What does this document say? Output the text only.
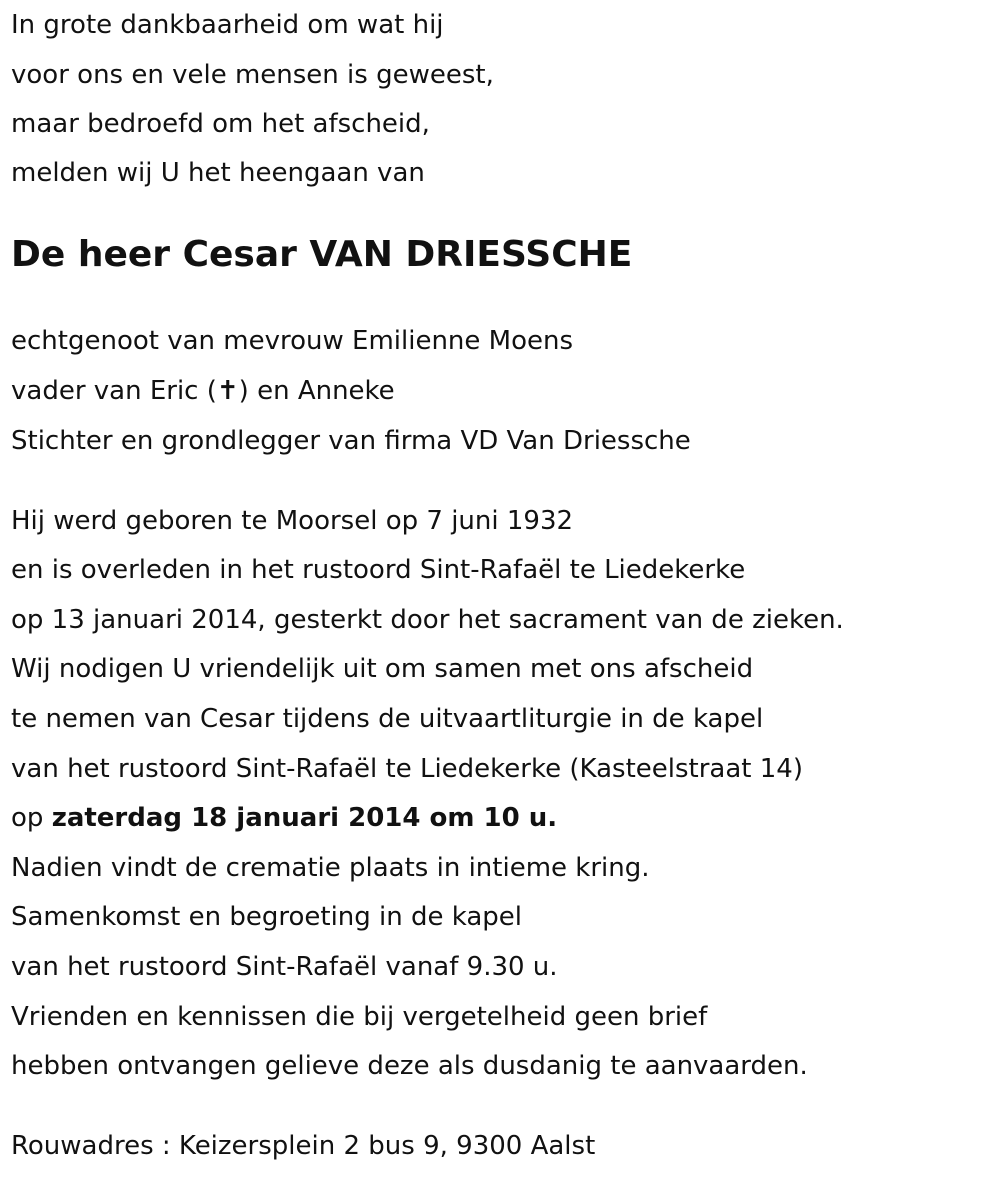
In grote dankbaarheid om wat hij
voor ons en vele mensen is geweest,
maar bedroefd om het afscheid,
melden wij U het heengaan van
De heer Cesar VAN DRIESSCHE
echtgenoot van mevrouw Emilienne Moens
vader van Eric (✝) en Anneke
Stichter en grondlegger van firma VD Van Driessche
Hij werd geboren te Moorsel op 7 juni 1932
en is overleden in het rustoord Sint-Rafaël te Liedekerke
op 13 januari 2014, gesterkt door het sacrament van de zieken.
Wij nodigen U vriendelijk uit om samen met ons afscheid
te nemen van Cesar tijdens de uitvaartliturgie in de kapel
van het rustoord Sint-Rafaël te Liedekerke (Kasteelstraat 14)
op zaterdag 18 januari 2014 om 10 u.
Nadien vindt de crematie plaats in intieme kring.
Samenkomst en begroeting in de kapel
van het rustoord Sint-Rafaël vanaf 9.30 u.
Vrienden en kennissen die bij vergetelheid geen brief
hebben ontvangen gelieve deze als dusdanig te aanvaarden.
Rouwadres : Keizersplein 2 bus 9, 9300 Aalst
